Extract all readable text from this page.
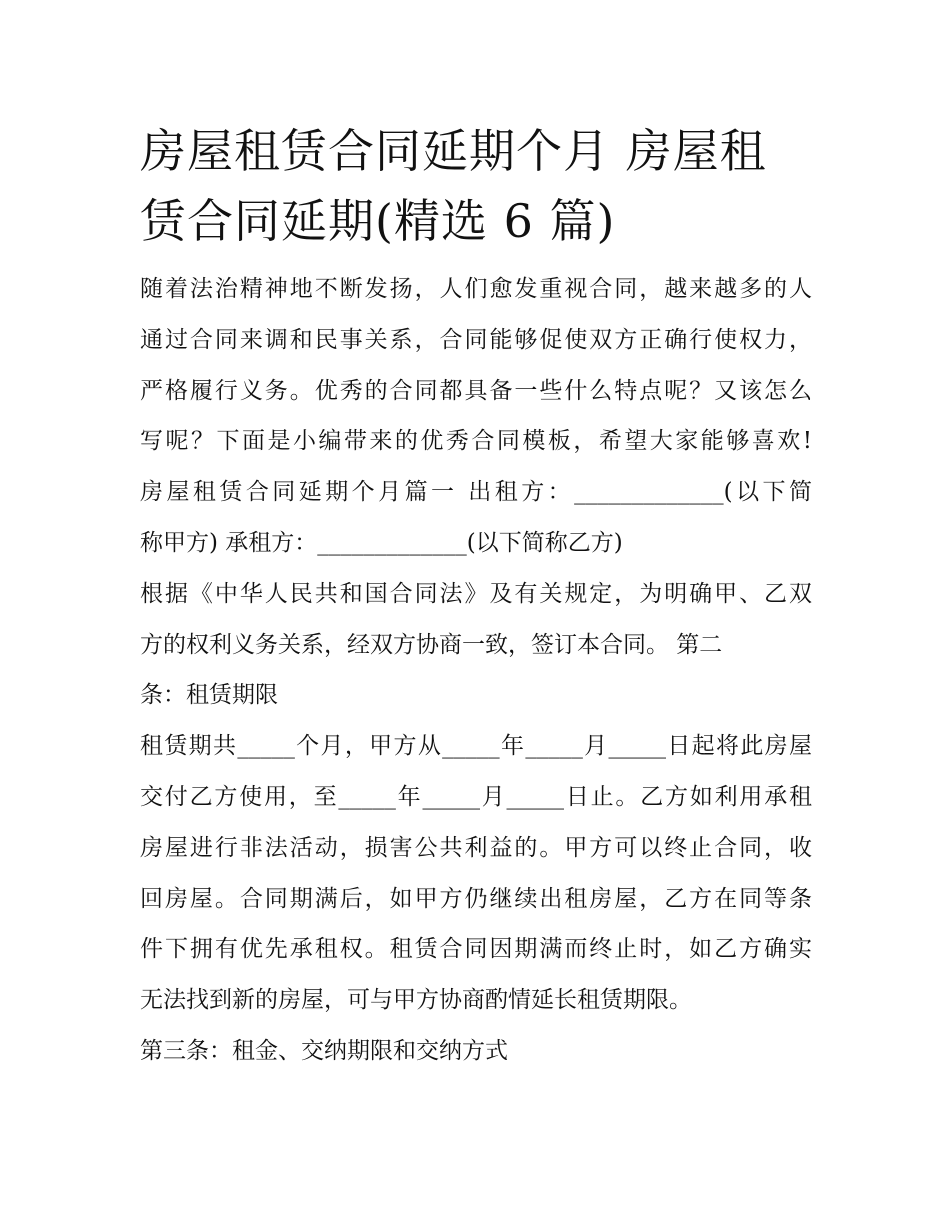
房屋租赁合同延期个月 房屋租
赁合同延期(精选 6 篇)
随着法治精神地不断发扬，人们愈发重视合同，越来越多的人
通过合同来调和民事关系，合同能够促使双方正确行使权力，
严格履行义务。优秀的合同都具备一些什么特点呢？又该怎么
写呢？下面是小编带来的优秀合同模板，希望大家能够喜欢!
房屋租赁合同延期个月篇一 出租方：_____________(以下简
称甲方) 承租方：_____________(以下简称乙方)
根据《中华人民共和国合同法》及有关规定，为明确甲、乙双
方的权利义务关系，经双方协商一致，签订本合同。 第二
条：租赁期限
租赁期共_____个月，甲方从_____年_____月_____日起将此房屋
交付乙方使用，至_____年_____月_____日止。乙方如利用承租
房屋进行非法活动，损害公共利益的。甲方可以终止合同，收
回房屋。合同期满后，如甲方仍继续出租房屋，乙方在同等条
件下拥有优先承租权。租赁合同因期满而终止时，如乙方确实
无法找到新的房屋，可与甲方协商酌情延长租赁期限。
第三条：租金、交纳期限和交纳方式
